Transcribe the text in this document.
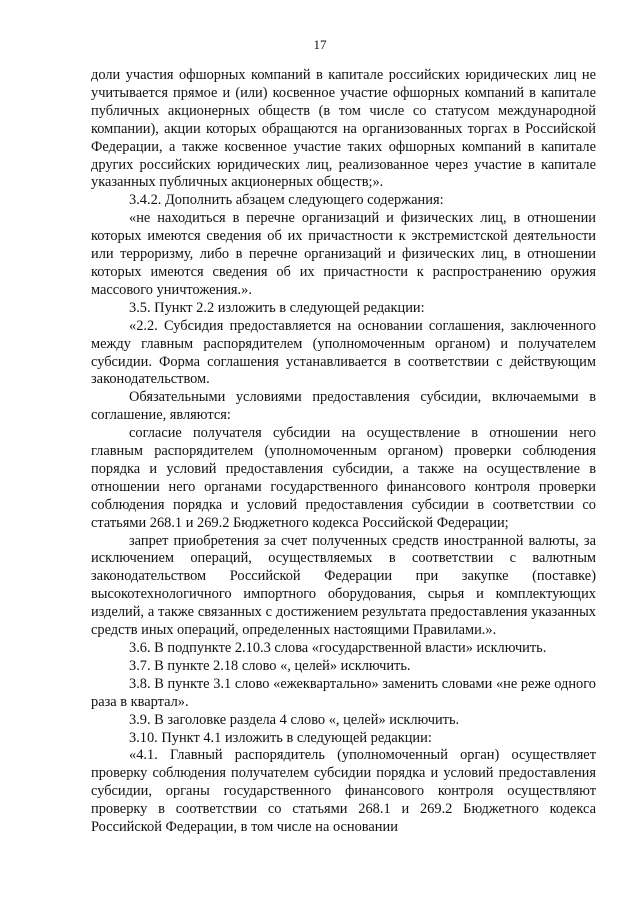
17

доли участия офшорных компаний в капитале российских юридических лиц не учитывается прямое и (или) косвенное участие офшорных компаний в капитале публичных акционерных обществ (в том числе со статусом международной компании), акции которых обращаются на организованных торгах в Российской Федерации, а также косвенное участие таких офшорных компаний в капитале других российских юридических лиц, реализованное через участие в капитале указанных публичных акционерных обществ;».

3.4.2. Дополнить абзацем следующего содержания:

«не находиться в перечне организаций и физических лиц, в отношении которых имеются сведения об их причастности к экстремистской деятельности или терроризму, либо в перечне организаций и физических лиц, в отношении которых имеются сведения об их причастности к распространению оружия массового уничтожения.».

3.5. Пункт 2.2 изложить в следующей редакции:

«2.2. Субсидия предоставляется на основании соглашения, заключенного между главным распорядителем (уполномоченным органом) и получателем субсидии. Форма соглашения устанавливается в соответствии с действующим законодательством.

Обязательными условиями предоставления субсидии, включаемыми в соглашение, являются:

согласие получателя субсидии на осуществление в отношении него главным распорядителем (уполномоченным органом) проверки соблюдения порядка и условий предоставления субсидии, а также на осуществление в отношении него органами государственного финансового контроля проверки соблюдения порядка и условий предоставления субсидии в соответствии со статьями 268.1 и 269.2 Бюджетного кодекса Российской Федерации;

запрет приобретения за счет полученных средств иностранной валюты, за исключением операций, осуществляемых в соответствии с валютным законодательством Российской Федерации при закупке (поставке) высокотехнологичного импортного оборудования, сырья и комплектующих изделий, а также связанных с достижением результата предоставления указанных средств иных операций, определенных настоящими Правилами.».

3.6. В подпункте 2.10.3 слова «государственной власти» исключить.

3.7. В пункте 2.18 слово «, целей» исключить.

3.8. В пункте 3.1 слово «ежеквартально» заменить словами «не реже одного раза в квартал».

3.9. В заголовке раздела 4 слово «, целей» исключить.

3.10. Пункт 4.1 изложить в следующей редакции:

«4.1. Главный распорядитель (уполномоченный орган) осуществляет проверку соблюдения получателем субсидии порядка и условий предоставления субсидии, органы государственного финансового контроля осуществляют проверку в соответствии со статьями 268.1 и 269.2 Бюджетного кодекса Российской Федерации, в том числе на основании
